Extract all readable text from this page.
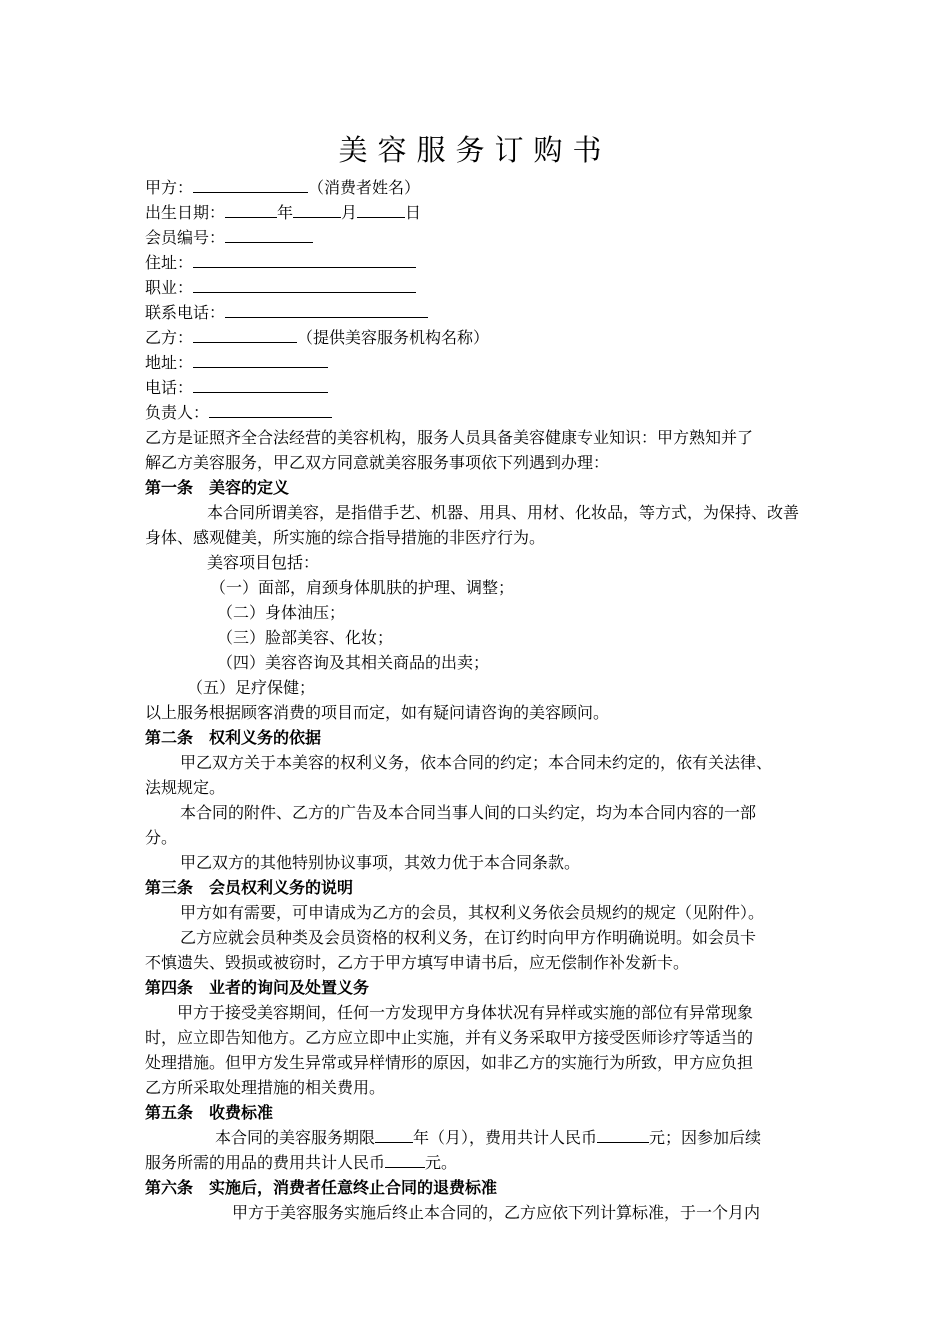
美容服务订购书
甲方：	（消费者姓名）
出生日期：	年	月	日
会员编号：
住址：
职业：
联系电话：
乙方：	（提供美容服务机构名称）
地址：
电话：
负责人：
乙方是证照齐全合法经营的美容机构，服务人员具备美容健康专业知识：甲方熟知并了
解乙方美容服务，甲乙双方同意就美容服务事项依下列遇到办理：
第一条　美容的定义
本合同所谓美容，是指借手艺、机器、用具、用材、化妆品，等方式，为保持、改善
身体、感观健美，所实施的综合指导措施的非医疗行为。
美容项目包括：
（一）面部，肩颈身体肌肤的护理、调整；
（二）身体油压；
（三）脸部美容、化妆；
（四）美容咨询及其相关商品的出卖；
（五）足疗保健；
以上服务根据顾客消费的项目而定，如有疑问请咨询的美容顾问。
第二条　权利义务的依据
甲乙双方关于本美容的权利义务，依本合同的约定；本合同未约定的，依有关法律、
法规规定。
本合同的附件、乙方的广告及本合同当事人间的口头约定，均为本合同内容的一部
分。
甲乙双方的其他特别协议事项，其效力优于本合同条款。
第三条　会员权利义务的说明
甲方如有需要，可申请成为乙方的会员，其权利义务依会员规约的规定（见附件）。
乙方应就会员种类及会员资格的权利义务，在订约时向甲方作明确说明。如会员卡
不慎遗失、毁损或被窃时，乙方于甲方填写申请书后，应无偿制作补发新卡。
第四条　业者的询问及处置义务
甲方于接受美容期间，任何一方发现甲方身体状况有异样或实施的部位有异常现象
时，应立即告知他方。乙方应立即中止实施，并有义务采取甲方接受医师诊疗等适当的
处理措施。但甲方发生异常或异样情形的原因，如非乙方的实施行为所致，甲方应负担
乙方所采取处理措施的相关费用。
第五条　收费标准
本合同的美容服务期限 年（月），费用共计人民币	元；因参加后续
服务所需的用品的费用共计人民币	元。
第六条　实施后，消费者任意终止合同的退费标准
甲方于美容服务实施后终止本合同的，乙方应依下列计算标准，于一个月内
